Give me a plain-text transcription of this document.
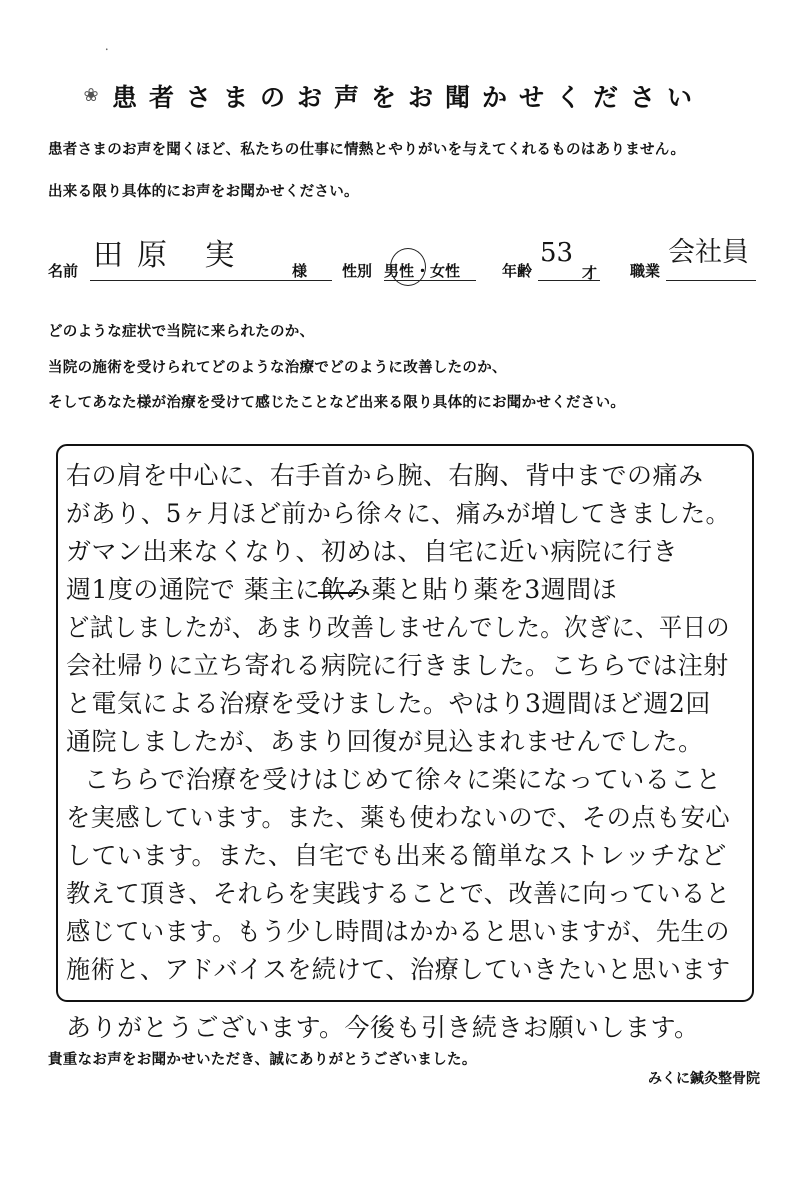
⸳
❀ 患者さまのお声をお聞かせください
患者さまのお声を聞くほど、私たちの仕事に情熱とやりがいを与えてくれるものはありません。
出来る限り具体的にお声をお聞かせください。
名前 田原 実	様 性別 男性 ・ 女性	年齢
53
才 職業
会社員
どのような症状で当院に来られたのか、
当院の施術を受けられてどのような治療でどのように改善したのか、
そしてあなた様が治療を受けて感じたことなど出来る限り具体的にお聞かせください。
右の肩を中心に、右手首から腕、右胸、背中までの痛み
があり、5ヶ月ほど前から徐々に、痛みが増してきました。
ガマン出来なくなり、初めは、自宅に近い病院に行き
週1度の通院で 薬主に飲み薬と貼り薬を3週間ほ
ど試しましたが、あまり改善しませんでした。次ぎに、平日の
会社帰りに立ち寄れる病院に行きました。こちらでは注射
と電気による治療を受けました。やはり3週間ほど週2回
通院しましたが、あまり回復が見込まれませんでした。
こちらで治療を受けはじめて徐々に楽になっていること
を実感しています。また、薬も使わないので、その点も安心
しています。また、自宅でも出来る簡単なストレッチなど
教えて頂き、それらを実践することで、改善に向っていると
感じています。もう少し時間はかかると思いますが、先生の
施術と、アドバイスを続けて、治療していきたいと思います
ありがとうございます。今後も引き続きお願いします。
貴重なお声をお聞かせいただき、誠にありがとうございました。
みくに鍼灸整骨院
